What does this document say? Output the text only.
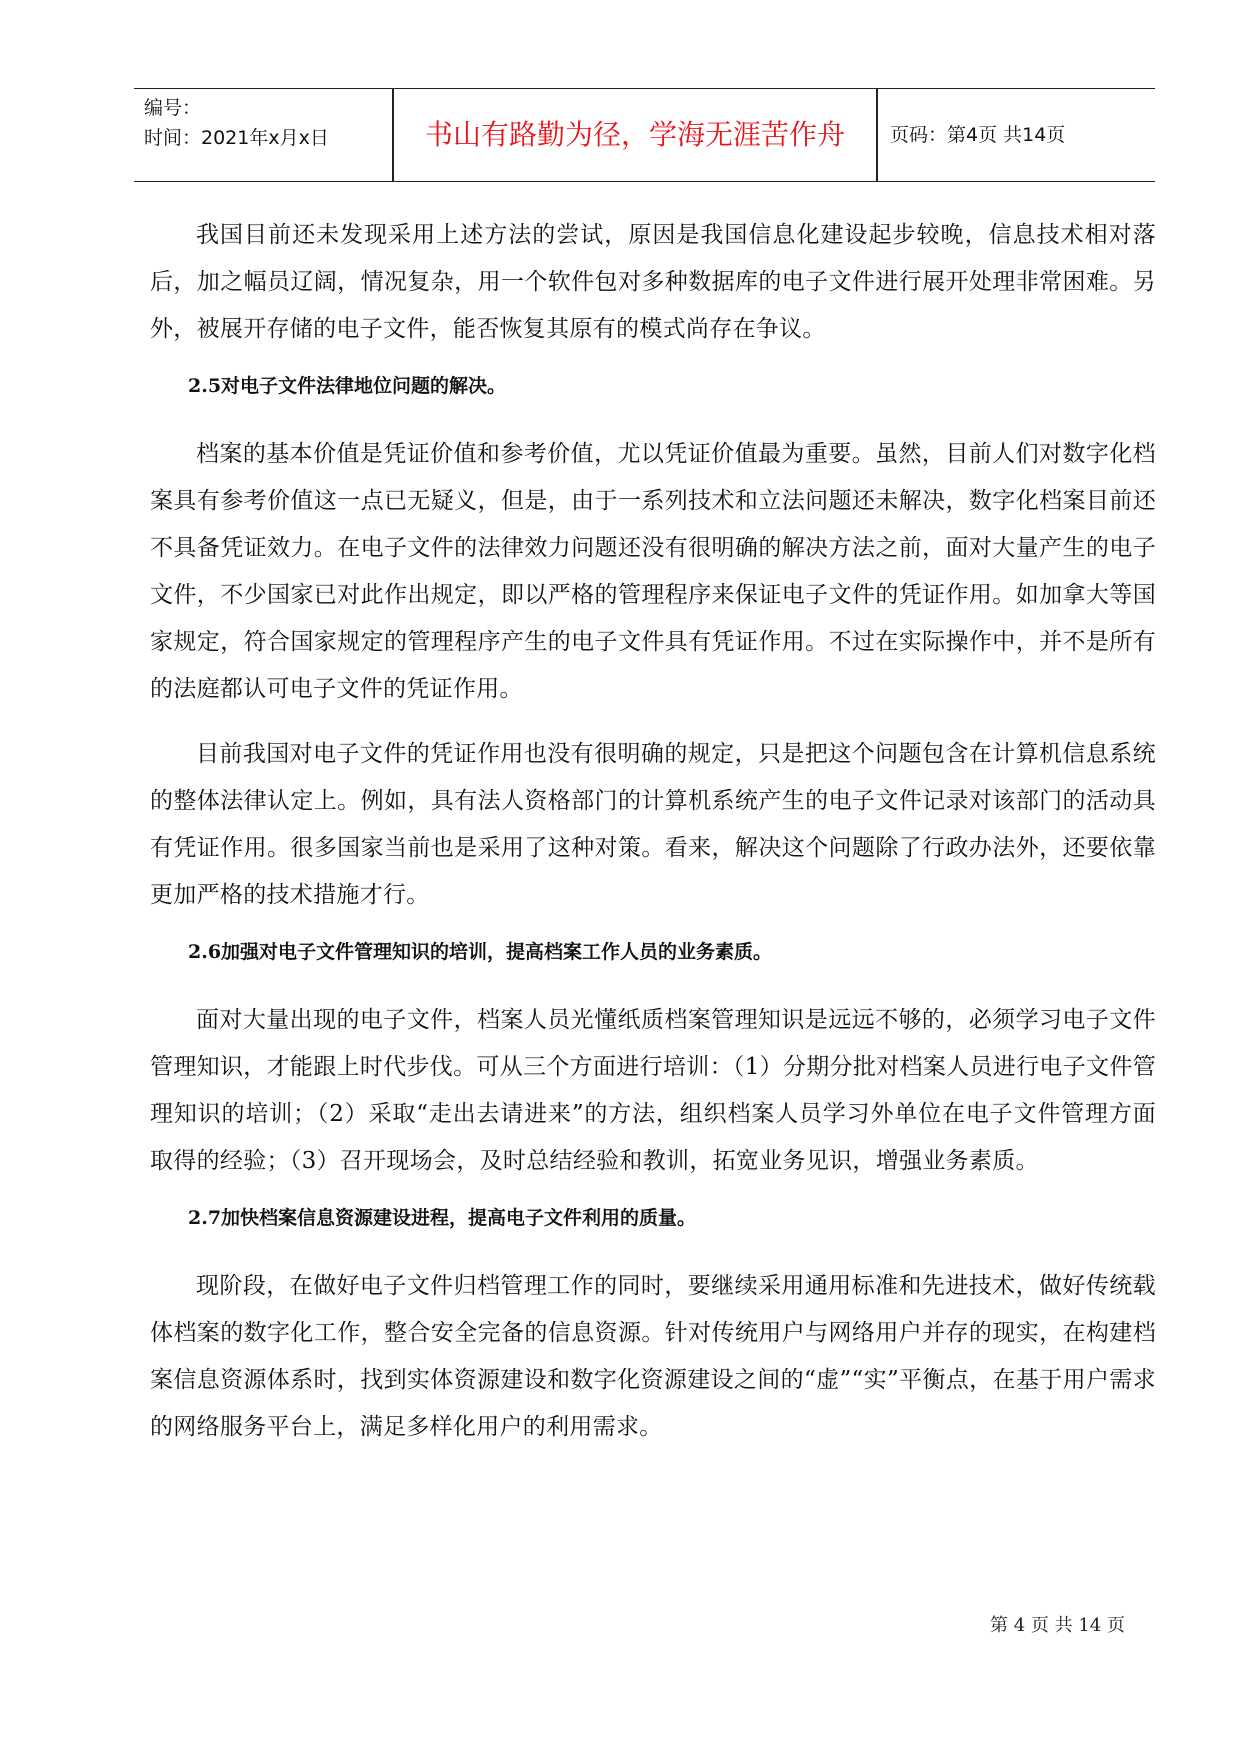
编号：
时间：2021年x月x日	书山有路勤为径，学海无涯苦作舟	页码：第4页 共14页

我国目前还未发现采用上述方法的尝试，原因是我国信息化建设起步较晚，信息技术相对落后，加之幅员辽阔，情况复杂，用一个软件包对多种数据库的电子文件进行展开处理非常困难。另外，被展开存储的电子文件，能否恢复其原有的模式尚存在争议。

2.5对电子文件法律地位问题的解决。

档案的基本价值是凭证价值和参考价值，尤以凭证价值最为重要。虽然，目前人们对数字化档案具有参考价值这一点已无疑义，但是，由于一系列技术和立法问题还未解决，数字化档案目前还不具备凭证效力。在电子文件的法律效力问题还没有很明确的解决方法之前，面对大量产生的电子文件，不少国家已对此作出规定，即以严格的管理程序来保证电子文件的凭证作用。如加拿大等国家规定，符合国家规定的管理程序产生的电子文件具有凭证作用。不过在实际操作中，并不是所有的法庭都认可电子文件的凭证作用。

目前我国对电子文件的凭证作用也没有很明确的规定，只是把这个问题包含在计算机信息系统的整体法律认定上。例如，具有法人资格部门的计算机系统产生的电子文件记录对该部门的活动具有凭证作用。很多国家当前也是采用了这种对策。看来，解决这个问题除了行政办法外，还要依靠更加严格的技术措施才行。

2.6加强对电子文件管理知识的培训，提高档案工作人员的业务素质。

面对大量出现的电子文件，档案人员光懂纸质档案管理知识是远远不够的，必须学习电子文件管理知识，才能跟上时代步伐。可从三个方面进行培训：（1）分期分批对档案人员进行电子文件管理知识的培训；（2）采取“走出去请进来”的方法，组织档案人员学习外单位在电子文件管理方面取得的经验；（3）召开现场会，及时总结经验和教训，拓宽业务见识，增强业务素质。

2.7加快档案信息资源建设进程，提高电子文件利用的质量。

现阶段，在做好电子文件归档管理工作的同时，要继续采用通用标准和先进技术，做好传统载体档案的数字化工作，整合安全完备的信息资源。针对传统用户与网络用户并存的现实，在构建档案信息资源体系时，找到实体资源建设和数字化资源建设之间的“虚”“实”平衡点，在基于用户需求的网络服务平台上，满足多样化用户的利用需求。

第 4 页 共 14 页
